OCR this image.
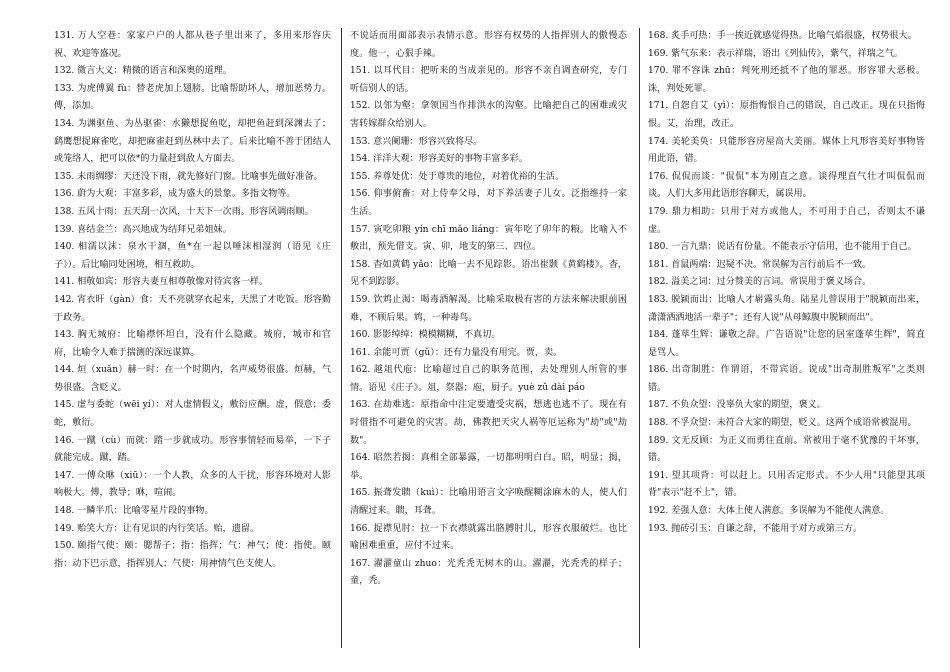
131. 万人空巷：家家户户的人都从巷子里出来了，多用来形容庆祝、欢迎等盛况。

132. 微言大义：精微的语言和深奥的道理。

133. 为虎傅翼 fù：替老虎加上翅膀。比喻帮助坏人，增加恶势力。傅，添加。

134. 为渊驱鱼、为丛驱雀：水獭想捉鱼吃，却把鱼赶到深渊去了；鹞鹰想捉麻雀吃，却把麻雀赶到丛林中去了。后来比喻不善于团结人或笼络人，把可以依*的力量赶到敌人方面去。

135. 未雨绸缪：天还没下雨，就先修好门窗。比喻事先做好准备。

136. 蔚为大观：丰富多彩，成为盛大的景象。多指文物等。

138. 五风十雨：五天刮一次风，十天下一次雨。形容风调雨顺。

139. 喜结金兰：高兴地成为结拜兄弟姐妹。

140. 相濡以沫：泉水干涸，鱼*在一起以唾沫相湿润（语见《庄子》）。后比喻同处困境，相互救助。

141. 相敬如宾：形容夫妻互相尊敬像对待宾客一样。

142. 宵衣旰（gàn）食：天不亮就穿衣起来，天黑了才吃饭。形容勤于政务。

143. 胸无城府：比喻襟怀坦白，没有什么隐藏。城府，城市和官府，比喻令人难于揣测的深远谋算。

144. 烜（xuǎn）赫一时：在一个时期内，名声威势很盛。烜赫，气势很盛。含贬义。

145. 虚与委蛇（wēi yí）：对人虚情假义，敷衍应酬。虚，假意；委蛇，敷衍。

146. 一蹴（cù）而就：踏一步就成功。形容事情轻而易举，一下子就能完成。蹴，踏。

147. 一傅众咻（xiū）：一个人教，众多的人干扰，形容环境对人影响极大。傅，教导；咻，喧闹。

148. 一鳞半爪：比喻零星片段的事物。

149. 贻笑大方：让有见识的内行笑话。贻，遗留。

150. 颐指气使：颐：腮帮子；指：指挥；气：神气；使：指使。颐指：动下巴示意，指挥别人；气使：用神情气色支使人。

不说话而用面部表示表情示意。形容有权势的人指挥别人的傲慢态度。他一，心狠手辣。

151. 以耳代目：把听来的当成亲见的。形容不亲自调查研究，专门听信别人的话。

152. 以邻为壑：拿领国当作排洪水的沟壑。比喻把自己的困难或灾害转嫁群众给别人。

153. 意兴阑珊：形容兴致将尽。

154. 洋洋大观：形容美好的事物丰富多彩。

155. 养尊处优：处于尊贵的地位，对着优裕的生活。

156. 仰事俯畜：对上侍奉父母，对下养活妻子儿女。泛指维持一家生活。

157. 寅吃卯粮 yín chī mǎo liáng：寅年吃了卯年的粮。比喻入不敷出，预先借支。寅、卯，地支的第三、四位。

158. 杳如黄鹤 yǎo：比喻一去不见踪影。语出崔颢《黄鹤楼》。杳，见不到踪影。

159. 饮鸩止渴：喝毒酒解渴。比喻采取极有害的方法来解决眼前困难，不顾后果。鸩，一种毒鸟。

160. 影影绰绰：模模糊糊，不真切。

161. 余能可贾（gǔ）：还有力量没有用完。贾，卖。

162. 越俎代庖：比喻超过自己的职务范围，去处理别人所管的事情。语见《庄子》。俎，祭器；庖，厨子。yuè zǔ dài páo

163. 在劫难逃：原指命中注定要遭受灾祸，想逃也逃不了。现在有时借指不可避免的灾害。劫，佛教把天灾人祸等厄运称为"劫"或"劫数"。

164. 昭然若揭：真相全部暴露，一切都明明白白。昭，明显；揭，举。

165. 振聋发聩（kuì）：比喻用语言文字唤醒糊涂麻木的人，使人们清醒过来。聩，耳聋。

166. 捉襟见肘：拉一下衣襟就露出胳膊肘儿，形容衣服破烂。也比喻困难重重，应付不过来。

167. 濯濯童山 zhuo：光秃秃无树木的山。濯濯，光秃秃的样子；童，秃。

168. 炙手可热：手一挨近就感觉得热。比喻气焰很盛，权势很大。

169. 紫气东来：表示祥瑞，语出《列仙传》，紫气，祥瑞之气。

170. 罪不容诛 zhū：判死刑还抵不了他的罪恶。形容罪大恶极。诛，判处死罪。

171. 自怨自艾（yì）：原指悔恨自己的错误，自己改正。现在只指悔恨。艾，治理，改正。

174. 美轮美奂：只能形容房屋高大美丽。媒体上凡形容美好事物皆用此语，错。

176. 侃侃而谈："侃侃"本为刚直之意。谈得理直气壮才叫侃侃而谈。人们大多用此语形容聊天，属误用。

179. 鼎力相助：只用于对方或他人，不可用于自己，否则太不谦虚。

180. 一言九鼎：说话有份量。不能表示守信用，也不能用于自己。

181. 首鼠两端：迟疑不决。常误解为言行前后不一致。

182. 溢美之词：过分赞美的言词。常误用于褒义场合。

183. 脱颖而出：比喻人才崭露头角。陆星儿曾误用于"脱颖而出来，潇潇洒洒地活一辈子"；还有人说"从母鲸腹中脱颖而出"。

184. 蓬荜生辉：谦敬之辞。广告语说"让您的居室蓬荜生辉"，简直是骂人。

186. 出奇制胜：作谓语，不带宾语。说成"出奇制胜叛军"之类则错。

187. 不负众望：没辜负大家的期望，褒义。

188. 不孚众望：未符合大家的期望，贬义。这两个成语常被混用。

189. 文无反顾：为正义而勇往直前。常被用于毫不犹豫的干坏事，错。

191. 望其项背：可以赶上。只用否定形式。不少人用"只能望其项背"表示"赶不上"，错。

192. 差强人意：大体上使人满意。多误解为不能使人满意。

193. 抛砖引玉：自谦之辞，不能用于对方或第三方。
